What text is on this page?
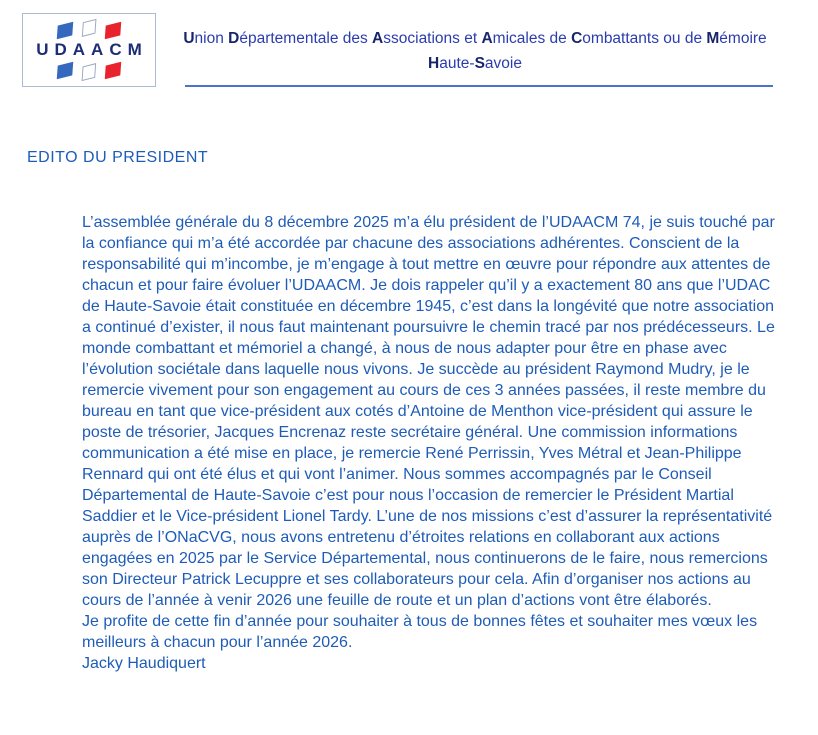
UDAACM
Union Départementale des Associations et Amicales de Combattants ou de Mémoire
Haute-Savoie
EDITO DU PRESIDENT

L’assemblée générale du 8 décembre 2025 m’a élu président de l’UDAACM 74, je suis touché par la confiance qui m’a été accordée par chacune des associations adhérentes. Conscient de la responsabilité qui m’incombe, je m’engage à tout mettre en œuvre pour répondre aux attentes de chacun et pour faire évoluer l’UDAACM. Je dois rappeler qu’il y a exactement 80 ans que l’UDAC de Haute-Savoie était constituée en décembre 1945, c’est dans la longévité que notre association a continué d’exister, il nous faut maintenant poursuivre le chemin tracé par nos prédécesseurs. Le monde combattant et mémoriel a changé, à nous de nous adapter pour être en phase avec l’évolution sociétale dans laquelle nous vivons. Je succède au président Raymond Mudry, je le remercie vivement pour son engagement au cours de ces 3 années passées, il reste membre du bureau en tant que vice-président aux cotés d’Antoine de Menthon vice-président qui assure le poste de trésorier, Jacques Encrenaz reste secrétaire général. Une commission informations communication a été mise en place, je remercie René Perrissin, Yves Métral et Jean-Philippe Rennard qui ont été élus et qui vont l’animer. Nous sommes accompagnés par le Conseil Départemental de Haute-Savoie c’est pour nous l’occasion de remercier le Président Martial Saddier et le Vice-président Lionel Tardy. L’une de nos missions c’est d’assurer la représentativité auprès de l’ONaCVG, nous avons entretenu d’étroites relations en collaborant aux actions engagées en 2025 par le Service Départemental, nous continuerons de le faire, nous remercions son Directeur Patrick Lecuppre et ses collaborateurs pour cela. Afin d’organiser nos actions au cours de l’année à venir 2026 une feuille de route et un plan d’actions vont être élaborés.

Je profite de cette fin d’année pour souhaiter à tous de bonnes fêtes et souhaiter mes vœux les meilleurs à chacun pour l’année 2026.

Jacky Haudiquert
